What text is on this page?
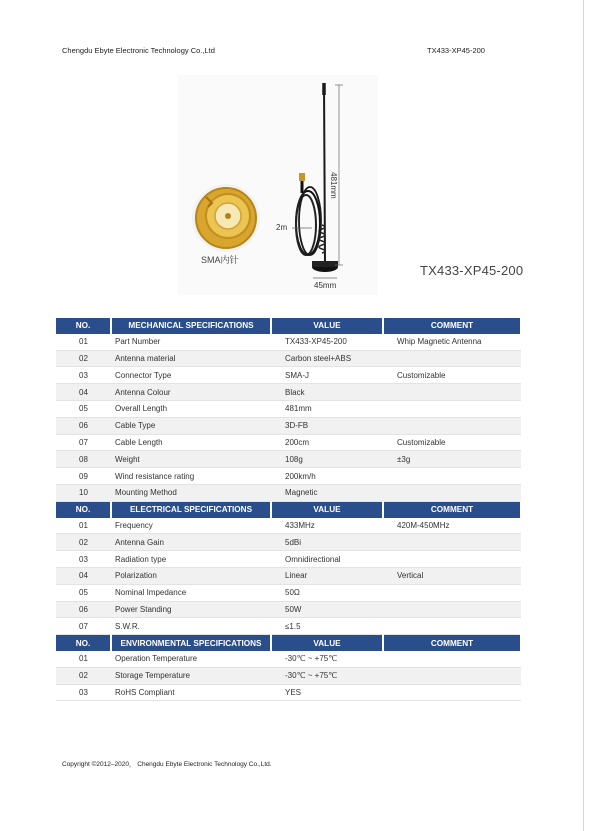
Chengdu Ebyte Electronic Technology Co.,Ltd	TX433-XP45-200
481mm
2m
45mm
SMA内针
TX433-XP45-200
NO.	MECHANICAL SPECIFICATIONS	VALUE	COMMENT
01	Part Number	TX433-XP45-200	Whip Magnetic Antenna
02	Antenna material	Carbon steel+ABS	
03	Connector Type	SMA-J	Customizable
04	Antenna Colour	Black	
05	Overall Length	481mm	
06	Cable Type	3D-FB	
07	Cable Length	200cm	Customizable
08	Weight	108g	±3g
09	Wind resistance rating	200km/h	
10	Mounting Method	Magnetic	
NO.	ELECTRICAL SPECIFICATIONS	VALUE	COMMENT
01	Frequency	433MHz	420M-450MHz
02	Antenna Gain	5dBi	
03	Radiation type	Omnidirectional	
04	Polarization	Linear	Vertical
05	Nominal Impedance	50Ω	
06	Power Standing	50W	
07	S.W.R.	≤1.5	
NO.	ENVIRONMENTAL SPECIFICATIONS	VALUE	COMMENT
01	Operation Temperature	-30℃ ~ +75℃	
02	Storage Temperature	-30℃ ~ +75℃	
03	RoHS Compliant	YES	
Copyright ©2012–2020， Chengdu Ebyte Electronic Technology Co.,Ltd.
